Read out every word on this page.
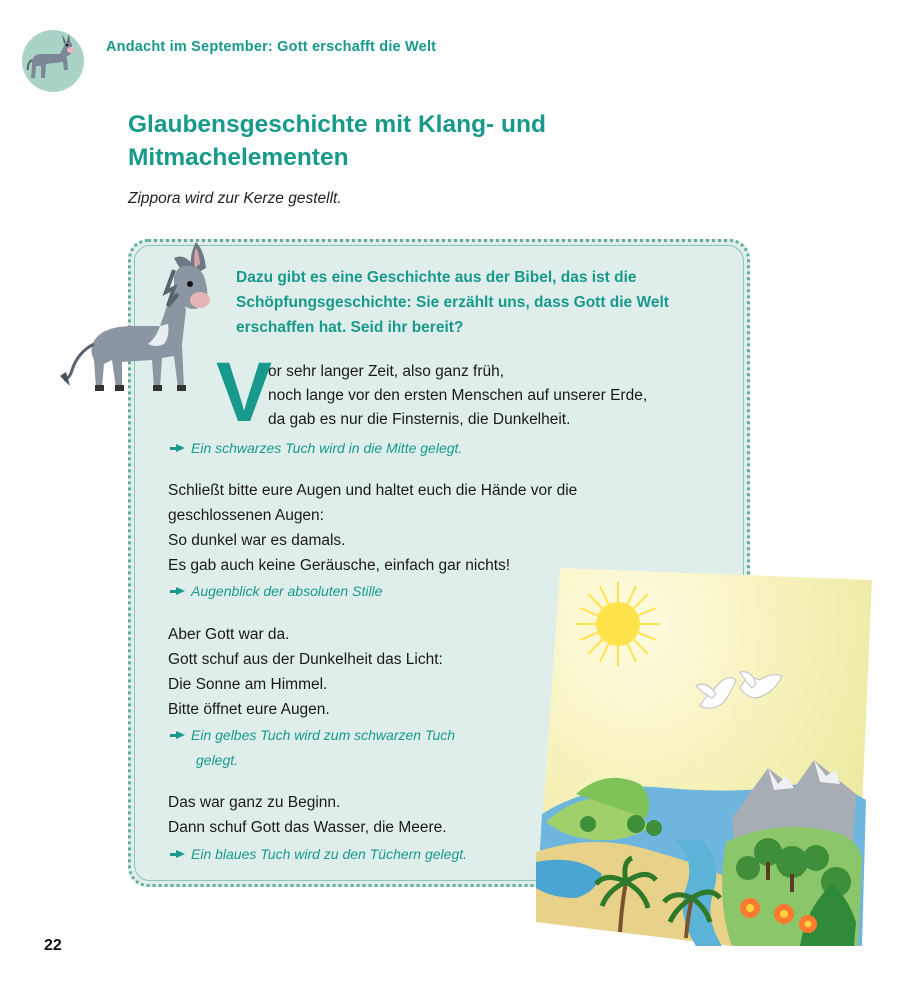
Andacht im September: Gott erschafft die Welt
Glaubensgeschichte mit Klang- und
Mitmachelementen
Zippora wird zur Kerze gestellt.
Dazu gibt es eine Geschichte aus der Bibel, das ist die Schöpfungsgeschichte: Sie erzählt uns, dass Gott die Welt erschaffen hat. Seid ihr bereit?
V
or sehr langer Zeit, also ganz früh,
noch lange vor den ersten Menschen auf unserer Erde,
da gab es nur die Finsternis, die Dunkelheit.
Ein schwarzes Tuch wird in die Mitte gelegt.
Schließt bitte eure Augen und haltet euch die Hände vor die
geschlossenen Augen:
So dunkel war es damals.
Es gab auch keine Geräusche, einfach gar nichts!
Augenblick der absoluten Stille
Aber Gott war da.
Gott schuf aus der Dunkelheit das Licht:
Die Sonne am Himmel.
Bitte öffnet eure Augen.
Ein gelbes Tuch wird zum schwarzen Tuch
gelegt.
Das war ganz zu Beginn.
Dann schuf Gott das Wasser, die Meere.
Ein blaues Tuch wird zu den Tüchern gelegt.
22
